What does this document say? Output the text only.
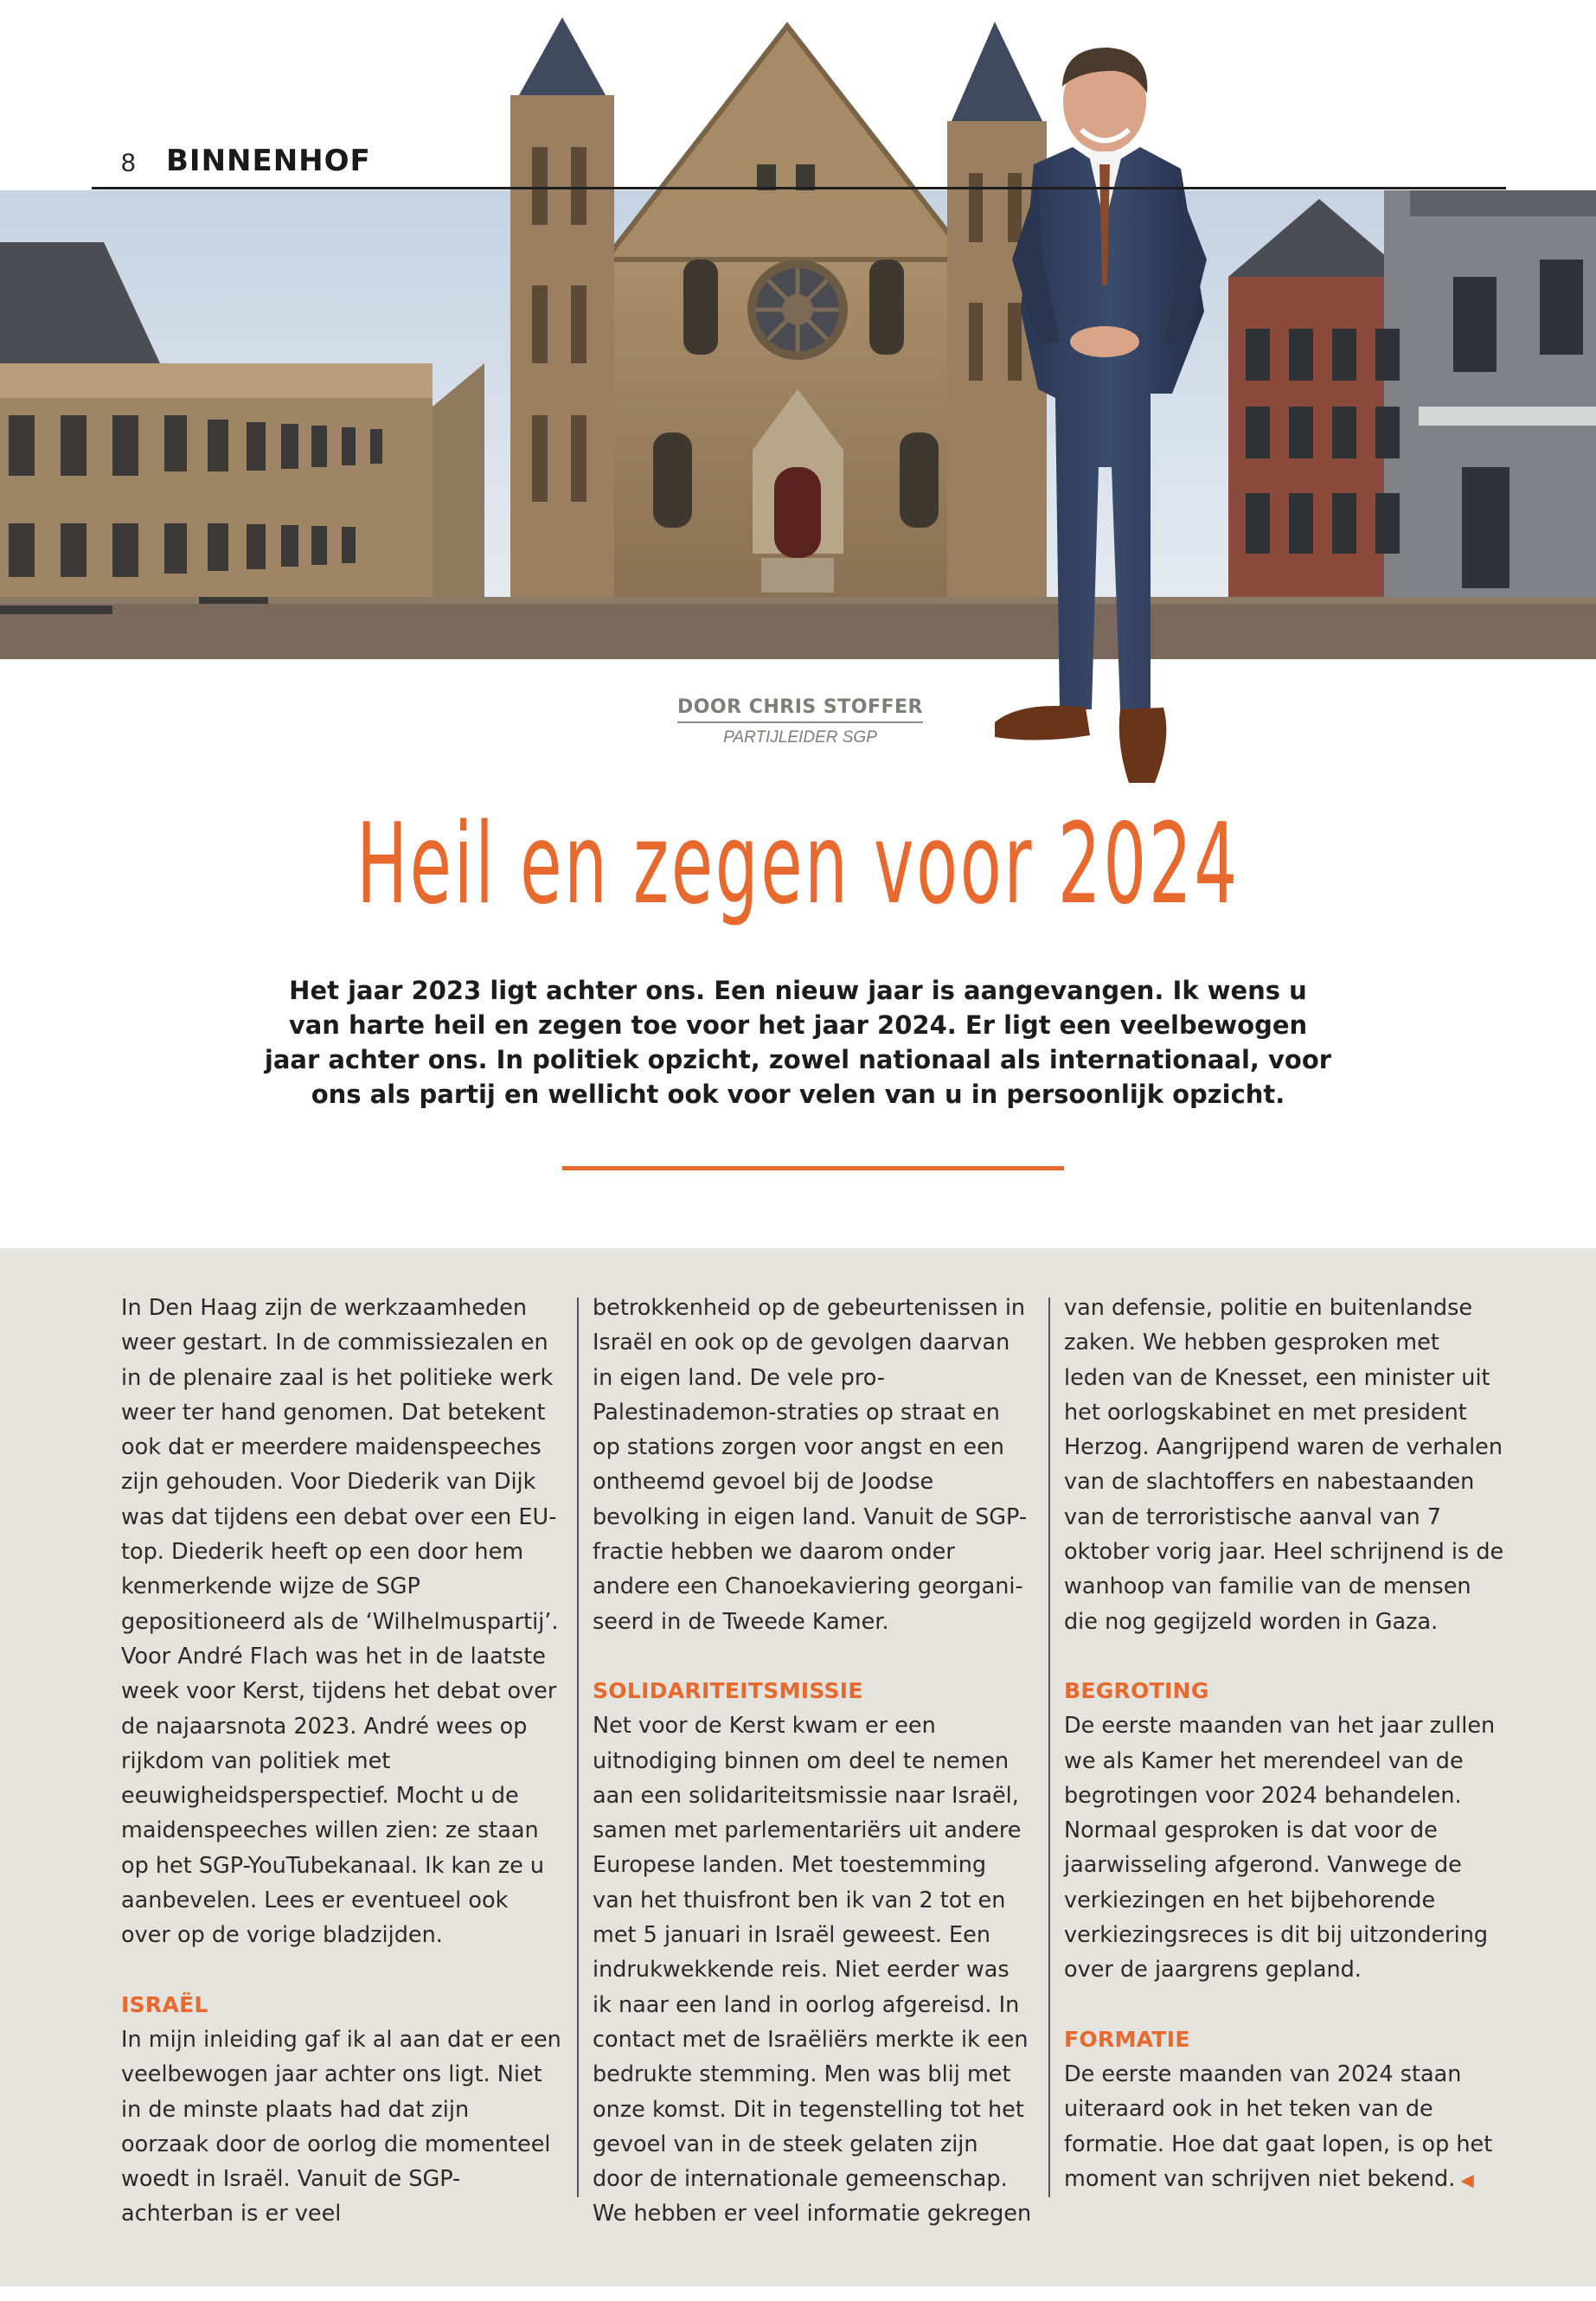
8 BINNENHOF
DOOR CHRIS STOFFER
PARTIJLEIDER SGP
Heil en zegen voor 2024
Het jaar 2023 ligt achter ons. Een nieuw jaar is aangevangen. Ik wens u van harte heil en zegen toe voor het jaar 2024. Er ligt een veelbewogen jaar achter ons. In politiek opzicht, zowel nationaal als internationaal, voor ons als partij en wellicht ook voor velen van u in persoonlijk opzicht.

In Den Haag zijn de werkzaamheden weer gestart. In de commissiezalen en in de plenaire zaal is het politieke werk weer ter hand genomen. Dat betekent ook dat er meerdere maidenspeeches zijn gehouden. Voor Diederik van Dijk was dat tijdens een debat over een EU-top. Diederik heeft op een door hem kenmerkende wijze de SGP gepositioneerd als de ‘Wilhelmuspartij’. Voor André Flach was het in de laatste week voor Kerst, tijdens het debat over de najaarsnota 2023. André wees op rijkdom van politiek met eeuwigheidsperspectief. Mocht u de maidenspeeches willen zien: ze staan op het SGP-YouTubekanaal. Ik kan ze u aanbevelen. Lees er eventueel ook over op de vorige bladzijden.

ISRAËL

In mijn inleiding gaf ik al aan dat er een veelbewogen jaar achter ons ligt. Niet in de minste plaats had dat zijn oorzaak door de oorlog die momenteel woedt in Israël. Vanuit de SGP-achterban is er veel

betrokkenheid op de gebeurtenissen in Israël en ook op de gevolgen daarvan in eigen land. De vele pro-Palestinademon-straties op straat en op stations zorgen voor angst en een ontheemd gevoel bij de Joodse bevolking in eigen land. Vanuit de SGP-fractie hebben we daarom onder andere een Chanoekaviering georgani-seerd in de Tweede Kamer.

SOLIDARITEITSMISSIE

Net voor de Kerst kwam er een uitnodiging binnen om deel te nemen aan een solidariteitsmissie naar Israël, samen met parlementariërs uit andere Europese landen. Met toestemming van het thuisfront ben ik van 2 tot en met 5 januari in Israël geweest. Een indrukwekkende reis. Niet eerder was ik naar een land in oorlog afgereisd. In contact met de Israëliërs merkte ik een bedrukte stemming. Men was blij met onze komst. Dit in tegenstelling tot het gevoel van in de steek gelaten zijn door de internationale gemeenschap. We hebben er veel informatie gekregen

van defensie, politie en buitenlandse zaken. We hebben gesproken met leden van de Knesset, een minister uit het oorlogskabinet en met president Herzog. Aangrijpend waren de verhalen van de slachtoffers en nabestaanden van de terroristische aanval van 7 oktober vorig jaar. Heel schrijnend is de wanhoop van familie van de mensen die nog gegijzeld worden in Gaza.

BEGROTING

De eerste maanden van het jaar zullen we als Kamer het merendeel van de begrotingen voor 2024 behandelen. Normaal gesproken is dat voor de jaarwisseling afgerond. Vanwege de verkiezingen en het bijbehorende verkiezingsreces is dit bij uitzondering over de jaargrens gepland.

FORMATIE

De eerste maanden van 2024 staan uiteraard ook in het teken van de formatie. Hoe dat gaat lopen, is op het moment van schrijven niet bekend. ◀
